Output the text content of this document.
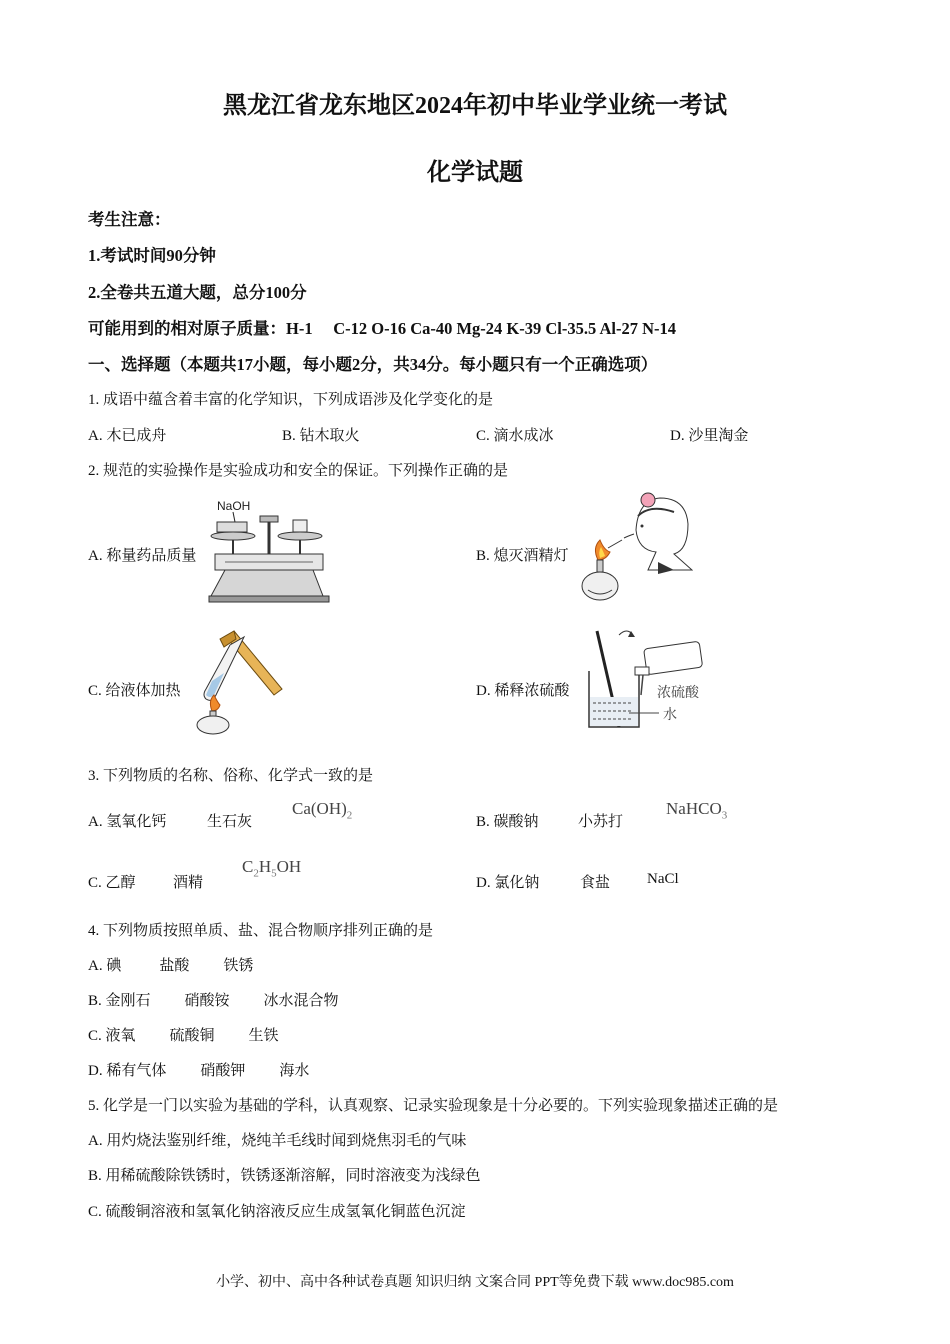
黑龙江省龙东地区2024年初中毕业学业统一考试
化学试题
考生注意：
1.考试时间90分钟
2.全卷共五道大题，总分100分
可能用到的相对原子质量：H-1　 C-12 O-16 Ca-40 Mg-24 K-39 Cl-35.5 Al-27 N-14
一、选择题（本题共17小题，每小题2分，共34分。每小题只有一个正确选项）
1. 成语中蕴含着丰富的化学知识，下列成语涉及化学变化的是
A. 木已成舟	B. 钻木取火	C. 滴水成冰	D. 沙里淘金
2. 规范的实验操作是实验成功和安全的保证。下列操作正确的是
A. 称量药品质量
NaOH
B. 熄灭酒精灯
C. 给液体加热	D. 稀释浓硫酸	浓硫酸
水
3. 下列物质的名称、俗称、化学式一致的是
A. 氢氧化钙	生石灰
$Ca(OH)_2$	B. 碳酸钠	小苏打
NaHCO$_3$
C. 乙醇 酒精
$C_2H_5OH$
D. 氯化钠	食盐 NaCl
4. 下列物质按照单质、盐、混合物顺序排列正确的是
A. 碘	盐酸 铁锈
B. 金刚石 硝酸铵 冰水混合物
C. 液氧 硫酸铜 生铁
D. 稀有气体 硝酸钾 海水
5. 化学是一门以实验为基础的学科，认真观察、记录实验现象是十分必要的。下列实验现象描述正确的是
A. 用灼烧法鉴别纤维，烧纯羊毛线时闻到烧焦羽毛的气味
B. 用稀硫酸除铁锈时，铁锈逐渐溶解，同时溶液变为浅绿色
C. 硫酸铜溶液和氢氧化钠溶液反应生成氢氧化铜蓝色沉淀
小学、初中、高中各种试卷真题 知识归纳 文案合同 PPT等免费下载 www.doc985.com
